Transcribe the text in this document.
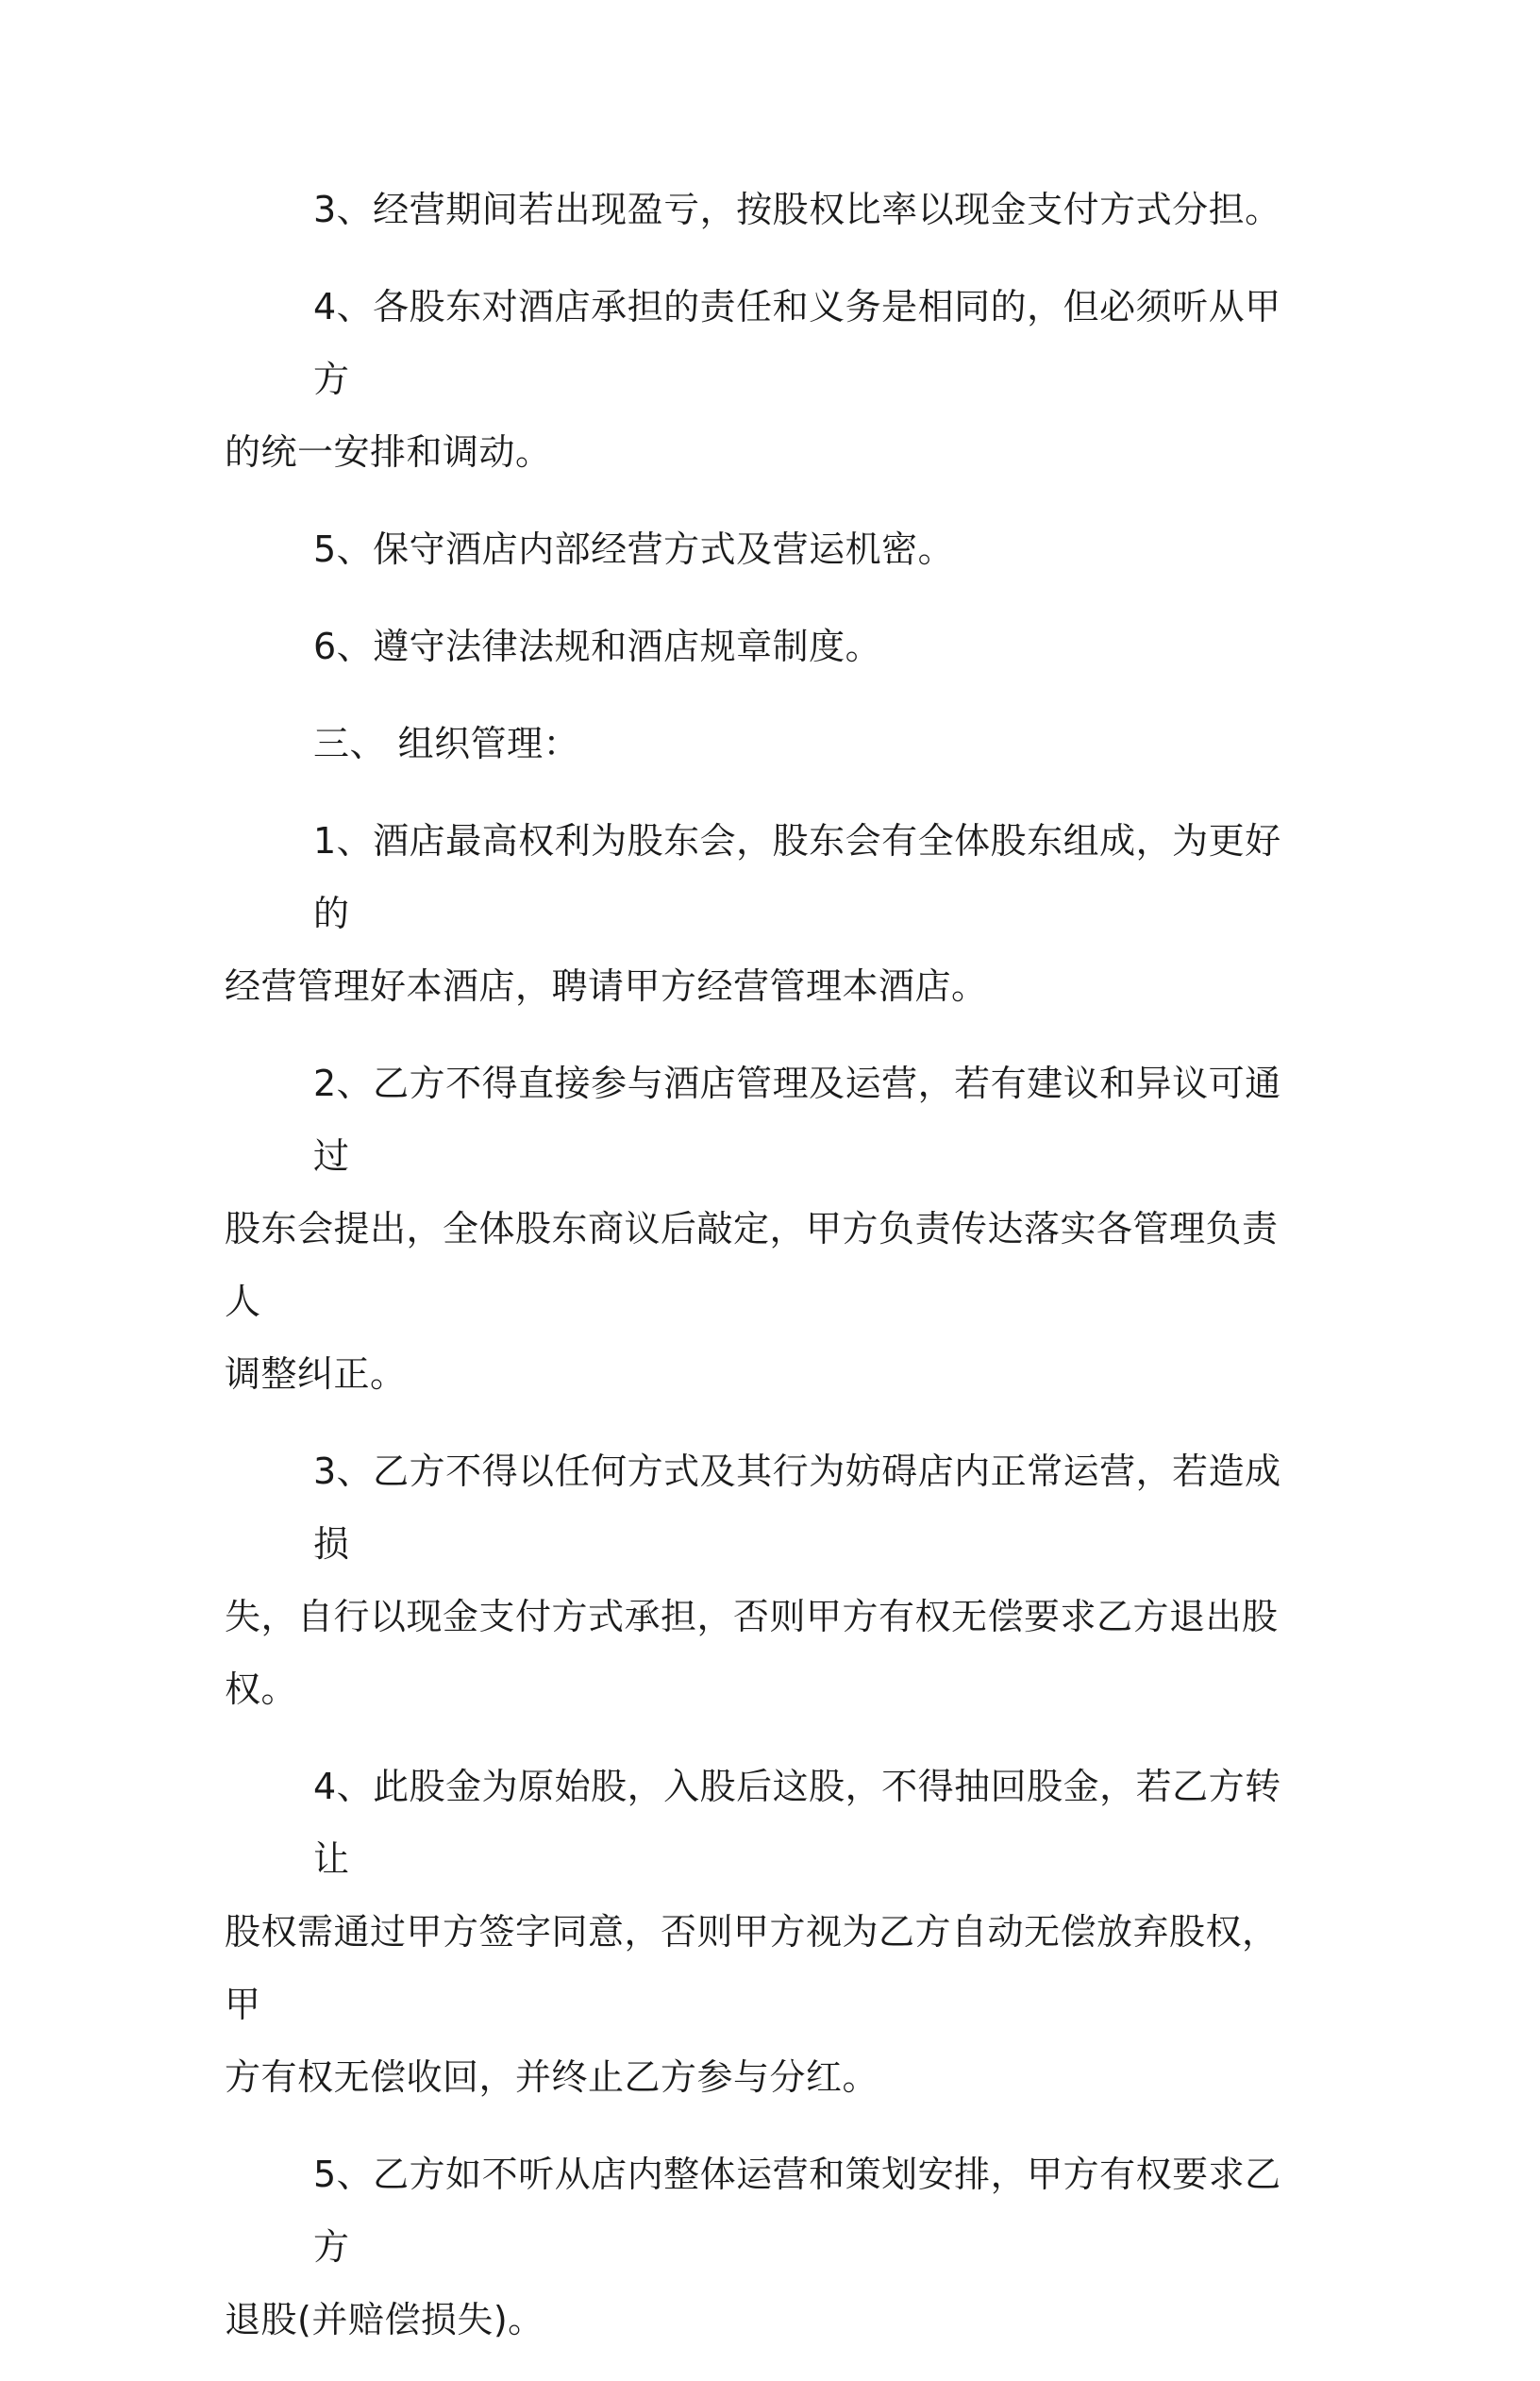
3、经营期间若出现盈亏，按股权比率以现金支付方式分担。
4、各股东对酒店承担的责任和义务是相同的，但必须听从甲方
的统一安排和调动。
5、保守酒店内部经营方式及营运机密。
6、遵守法律法规和酒店规章制度。
三、 组织管理：
1、酒店最高权利为股东会，股东会有全体股东组成，为更好的
经营管理好本酒店，聘请甲方经营管理本酒店。
2、乙方不得直接参与酒店管理及运营，若有建议和异议可通过
股东会提出，全体股东商议后敲定，甲方负责传达落实各管理负责人
调整纠正。
3、乙方不得以任何方式及其行为妨碍店内正常运营，若造成损
失，自行以现金支付方式承担，否则甲方有权无偿要求乙方退出股权。
4、此股金为原始股，入股后这股，不得抽回股金，若乙方转让
股权需通过甲方签字同意，否则甲方视为乙方自动无偿放弃股权，甲
方有权无偿收回，并终止乙方参与分红。
5、乙方如不听从店内整体运营和策划安排，甲方有权要求乙方
退股(并赔偿损失)。
